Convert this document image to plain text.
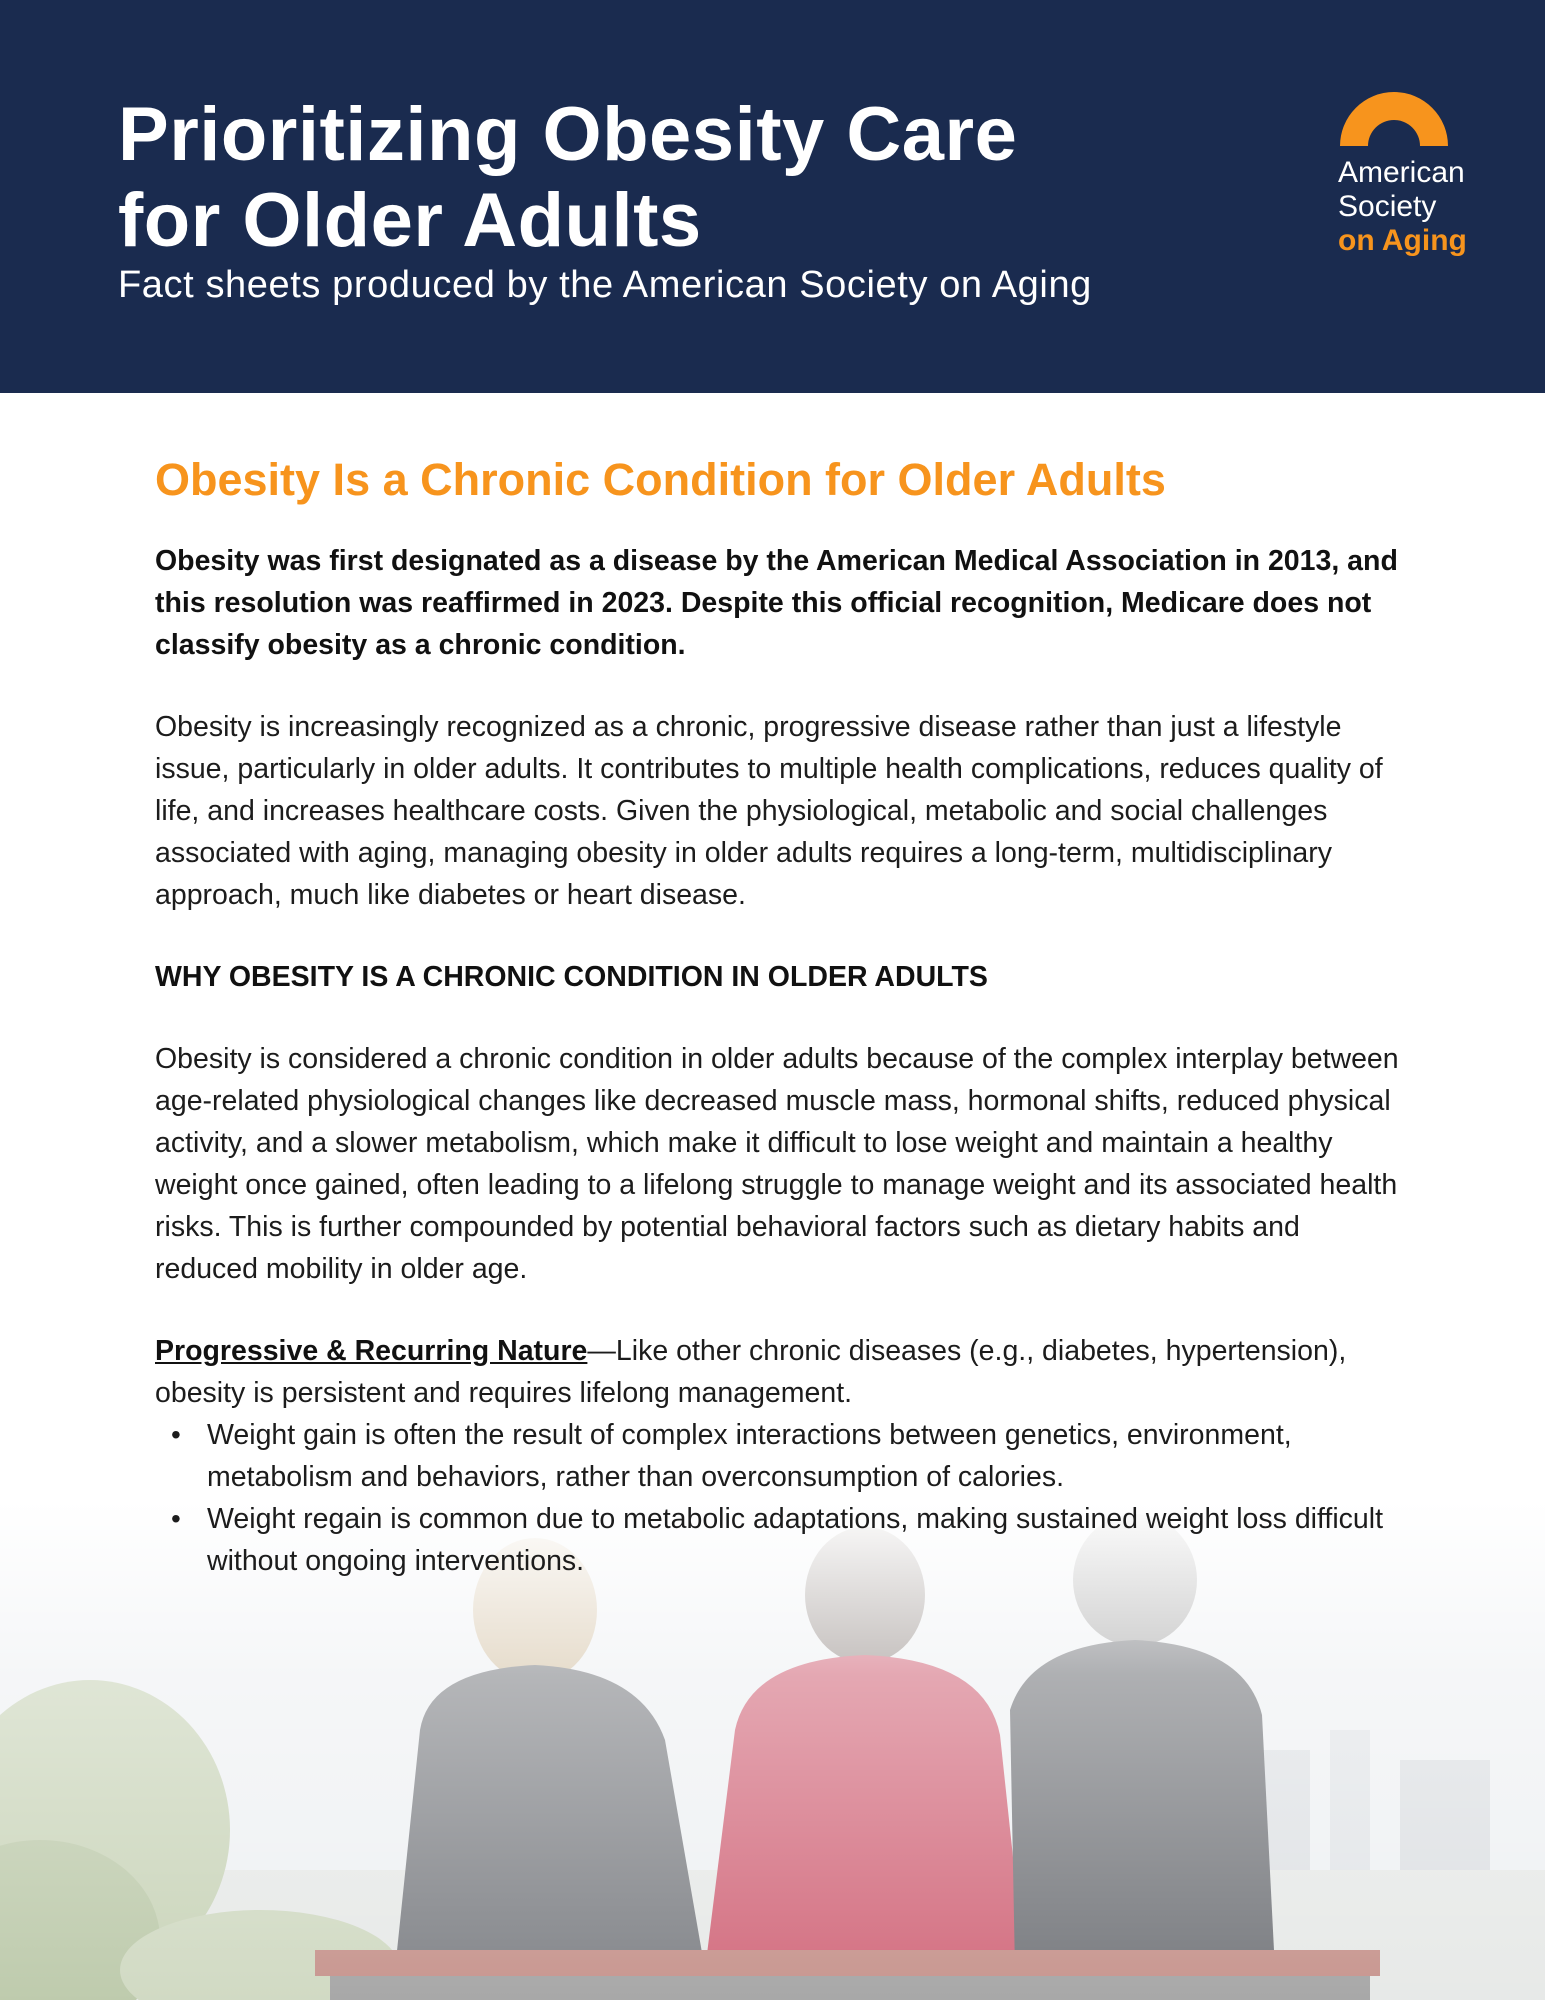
Prioritizing Obesity Care
for Older Adults

Fact sheets produced by the American Society on Aging

American
Society
on Aging
Obesity Is a Chronic Condition for Older Adults

Obesity was first designated as a disease by the American Medical Association in 2013, and this resolution was reaffirmed in 2023. Despite this official recognition, Medicare does not classify obesity as a chronic condition.

Obesity is increasingly recognized as a chronic, progressive disease rather than just a lifestyle issue, particularly in older adults. It contributes to multiple health complications, reduces quality of life, and increases healthcare costs. Given the physiological, metabolic and social challenges associated with aging, managing obesity in older adults requires a long-term, multidisciplinary approach, much like diabetes or heart disease.

WHY OBESITY IS A CHRONIC CONDITION IN OLDER ADULTS

Obesity is considered a chronic condition in older adults because of the complex interplay between age-related physiological changes like decreased muscle mass, hormonal shifts, reduced physical activity, and a slower metabolism, which make it difficult to lose weight and maintain a healthy weight once gained, often leading to a lifelong struggle to manage weight and its associated health risks. This is further compounded by potential behavioral factors such as dietary habits and reduced mobility in older age.

Progressive & Recurring Nature—Like other chronic diseases (e.g., diabetes, hypertension), obesity is persistent and requires lifelong management.

• Weight gain is often the result of complex interactions between genetics, environment, metabolism and behaviors, rather than overconsumption of calories.
• Weight regain is common due to metabolic adaptations, making sustained weight loss difficult without ongoing interventions.
